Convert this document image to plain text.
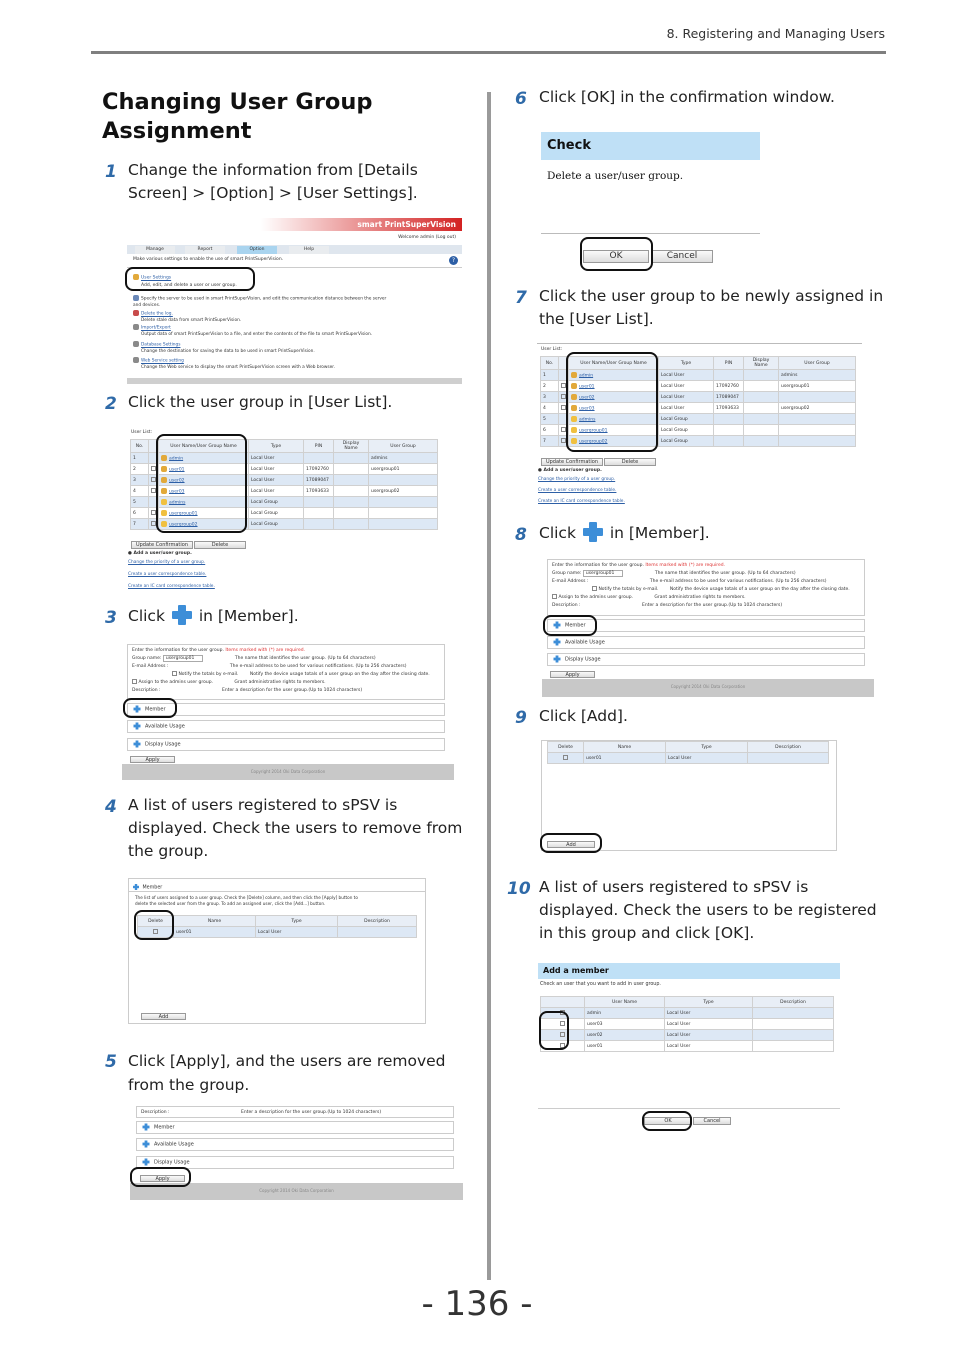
8. Registering and Managing Users
Changing User Group Assignment
1 Change the information from [Details Screen] > [Option] > [User Settings].
smart PrintSuperVision
Welcome admin (Log out)
Manage	Report	Option	Help
Make various settings to enable the use of smart PrintSuperVision.	?
User Settings
Add, edit, and delete a user or user group.
Specify the server to be used in smart PrintSuperVision, and edit the communication distance between the server and devices.
Delete the log.
Delete stale data from smart PrintSuperVision.
Import/Export
Output data of smart PrintSuperVision to a file, and enter the contents of the file to smart PrintSuperVision.
Database Settings
Change the destination for saving the data to be used in smart PrintSuperVision.
Web Service setting
Change the Web service to display the smart PrintSuperVision screen with a Web browser.
2 Click the user group in [User List].
User List:
No.		User Name/User Group Name	Type	PIN	Display Name	User Group
1		admin	Local User			admins
2		user01	Local User	17092760		usergroup01
3		user02	Local User	17089047		
4		user03	Local User	17093633		usergroup02
5		admins	Local Group			
6		usergroup01	Local Group			
7		usergroup02	Local Group			
Update Confirmation	Delete
● Add a user/user group.
Change the priority of a user group.
Create a user correspondence table.
Create an IC card correspondence table.
3 Click in [Member].
Enter the information for the user group. Items marked with (*) are required.
Group name: usergroup01	The name that identifies the user group. (Up to 64 characters)
E-mail Address :	The e-mail address to be used for various notifications. (Up to 256 characters)
Notify the totals by e-mail.	Notify the device usage totals of a user group on the day after the closing date.
Assign to the admins user group.	Grant administrative rights to members.
Description :	Enter a description for the user group.(Up to 1024 characters)
Member
Available Usage
Display Usage
Apply
Copyright 2014 Oki Data Corporation
4 A list of users registered to sPSV is displayed. Check the users to remove from the group.
Member
The list of users assigned to a user group. Check the [Delete] column, and then click the [Apply] button to delete the selected user from the group. To add an assigned user, click the [Add...] button.
Delete	Name	Type	Description
	user01	Local User	
Add
5 Click [Apply], and the users are removed from the group.
Description :	Enter a description for the user group.(Up to 1024 characters)
Member
Available Usage
Display Usage
Apply
Copyright 2014 Oki Data Corporation
6 Click [OK] in the confirmation window.
Check
Delete a user/user group.
OK	Cancel
7 Click the user group to be newly assigned in the [User List].
User List:
No.		User Name/User Group Name	Type	PIN	Display Name	User Group
1		admin	Local User			admins
2		user01	Local User	17092760		usergroup01
3		user02	Local User	17089047		
4		user03	Local User	17093633		usergroup02
5		admins	Local Group			
6		usergroup01	Local Group			
7		usergroup02	Local Group			
Update Confirmation	Delete
● Add a user/user group.
Change the priority of a user group.
Create a user correspondence table.
Create an IC card correspondence table.
8 Click in [Member].
Enter the information for the user group. Items marked with (*) are required.
Group name: usergroup01	The name that identifies the user group. (Up to 64 characters)
E-mail Address :	The e-mail address to be used for various notifications. (Up to 256 characters)
Notify the totals by e-mail.	Notify the device usage totals of a user group on the day after the closing date.
Assign to the admins user group.	Grant administrative rights to members.
Description :	Enter a description for the user group.(Up to 1024 characters)
Member
Available Usage
Display Usage
Apply
Copyright 2014 Oki Data Corporation
9 Click [Add].
Delete	Name	Type	Description
	user01	Local User	
Add
10 A list of users registered to sPSV is displayed. Check the users to be registered in this group and click [OK].
Add a member
Check an user that you want to add in user group.
	User Name	Type	Description
	admin	Local User	
	user03	Local User	
	user02	Local User	
	user01	Local User	
OK	Cancel
- 136 -
